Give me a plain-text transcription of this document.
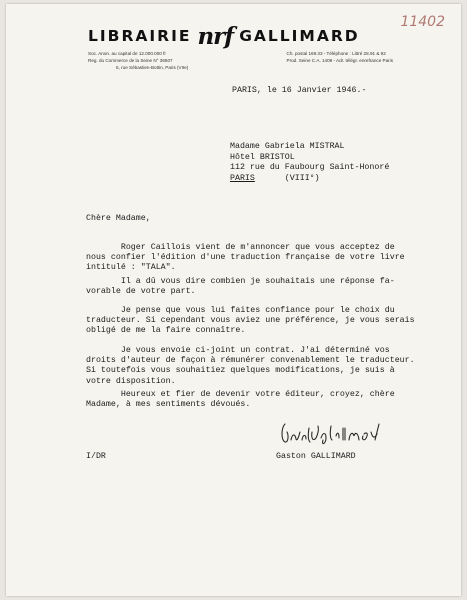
11402
LIBRAIRIE nrf GALLIMARD
Soc. Anon. au capital de 12.000.000 fr
Reg. du Commerce de la Seine N° 36507
Ch. postal 169.33 - Téléphone : Littré 28.91 & 92
Prod. Seine C.A. 1409 - Adr. télégr. enrefrance Paris
5, rue Sébastien-Bottin, Paris (VIIe)
PARIS, le 16 Janvier 1946.-
Madame Gabriela MISTRAL
Hôtel BRISTOL
112 rue du Faubourg Saint-Honoré
PARIS      (VIII°)
Chère Madame,
Roger Caillois vient de m'annoncer que vous acceptez de
nous confier l'édition d'une traduction française de votre livre
intitulé : "TALA".
Il a dû vous dire combien je souhaitais une réponse fa-
vorable de votre part.
Je pense que vous lui faites confiance pour le choix du
traducteur. Si cependant vous aviez une préférence, je vous serais
obligé de me la faire connaître.
Je vous envoie ci-joint un contrat. J'ai déterminé vos
droits d'auteur de façon à rémunérer convenablement le traducteur.
Si toutefois vous souhaitiez quelques modifications, je suis à
votre disposition.
Heureux et fier de devenir votre éditeur, croyez, chère
Madame, à mes sentiments dévoués.
I/DR	Gaston GALLIMARD
